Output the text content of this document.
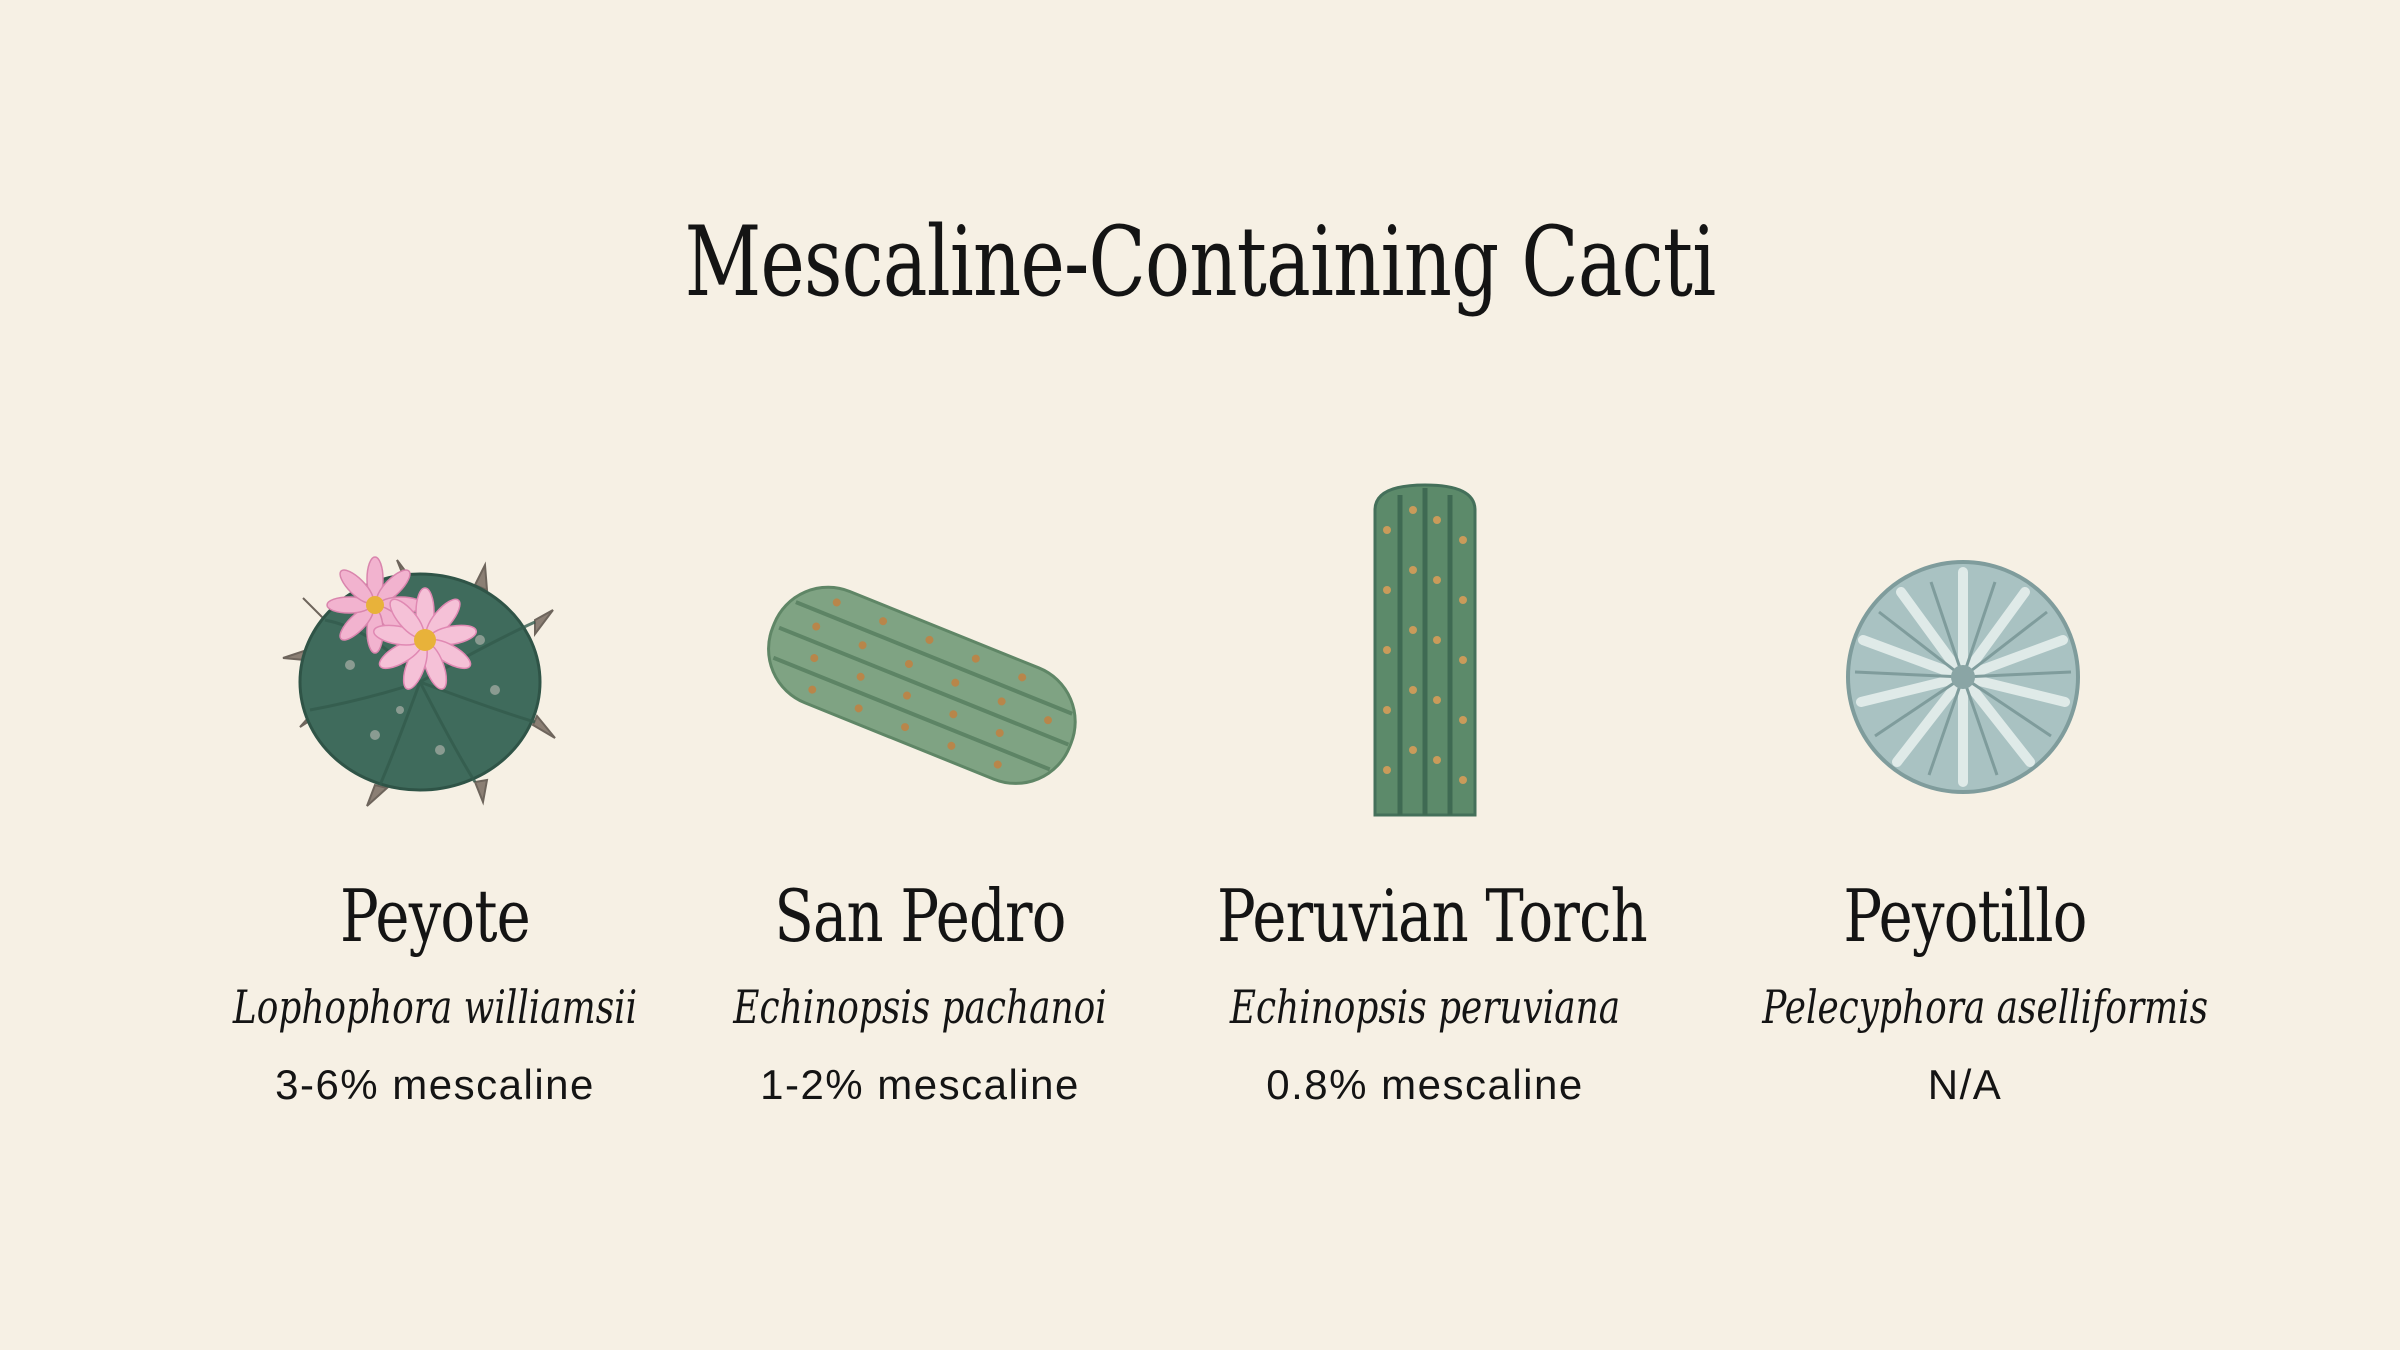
Mescaline-Containing Cacti
Peyote
Lophophora williamsii
3-6% mescaline
San Pedro
Echinopsis pachanoi
1-2% mescaline
Peruvian Torch
Echinopsis peruviana
0.8% mescaline
Peyotillo
Pelecyphora aselliformis
N/A
